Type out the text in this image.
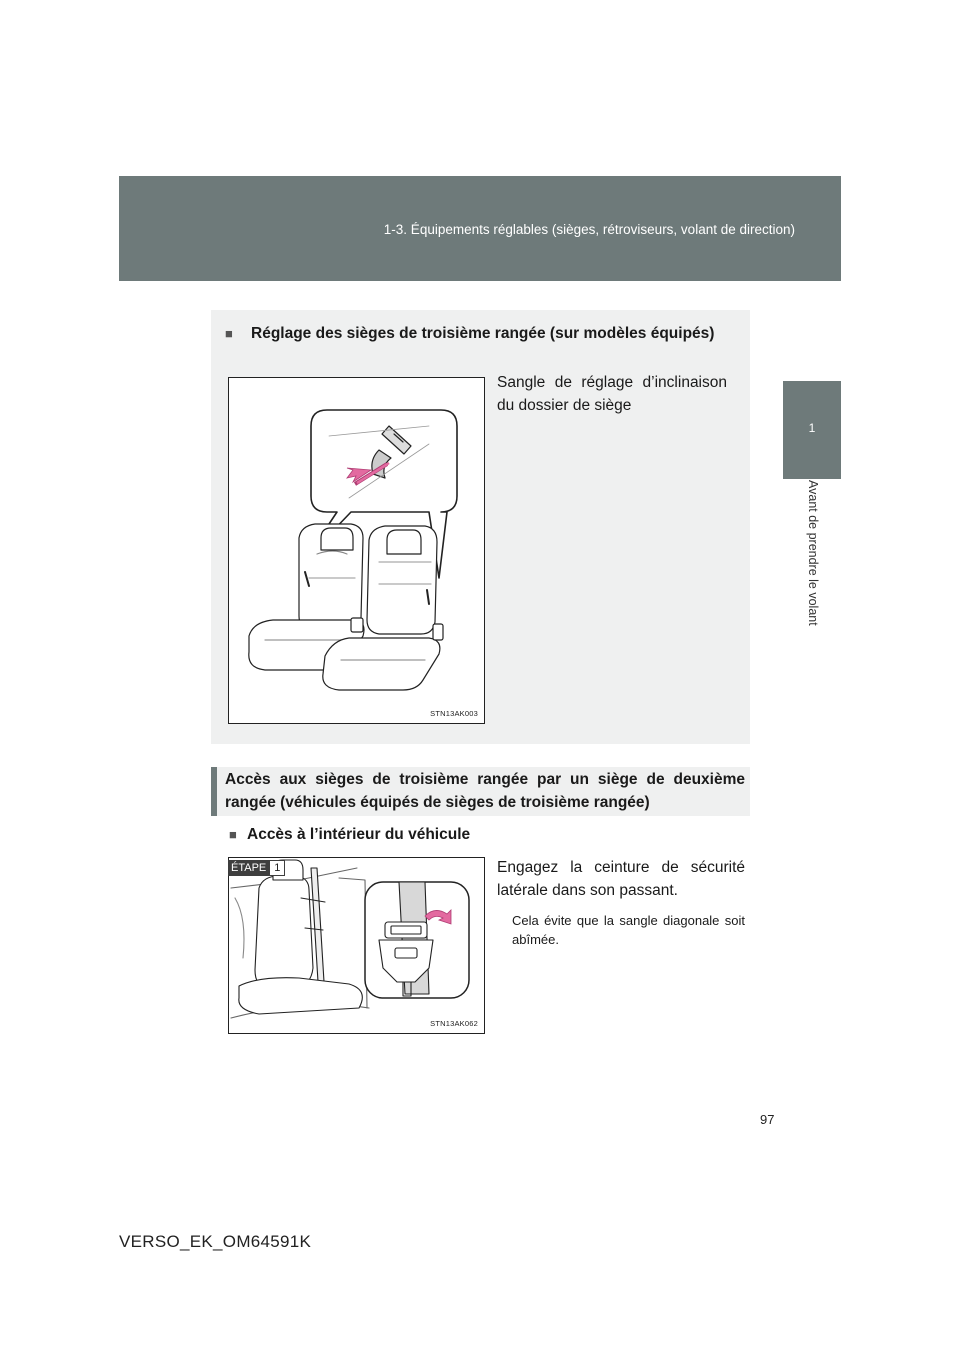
1-3. Équipements réglables (sièges, rétroviseurs, volant de direction)
1
Avant de prendre le volant
■	Réglage des sièges de troisième rangée (sur modèles équipés)
STN13AK003
Sangle de réglage d’inclinaison du dossier de siège
Accès aux sièges de troisième rangée par un siège de deuxième rangée (véhicules équipés de sièges de troisième rangée)
■ Accès à l’intérieur du véhicule
STN13AK062
ÉTAPE 1	Engagez la ceinture de sécurité latérale dans son passant.
Cela évite que la sangle diagonale soit abîmée.
97
VERSO_EK_OM64591K
